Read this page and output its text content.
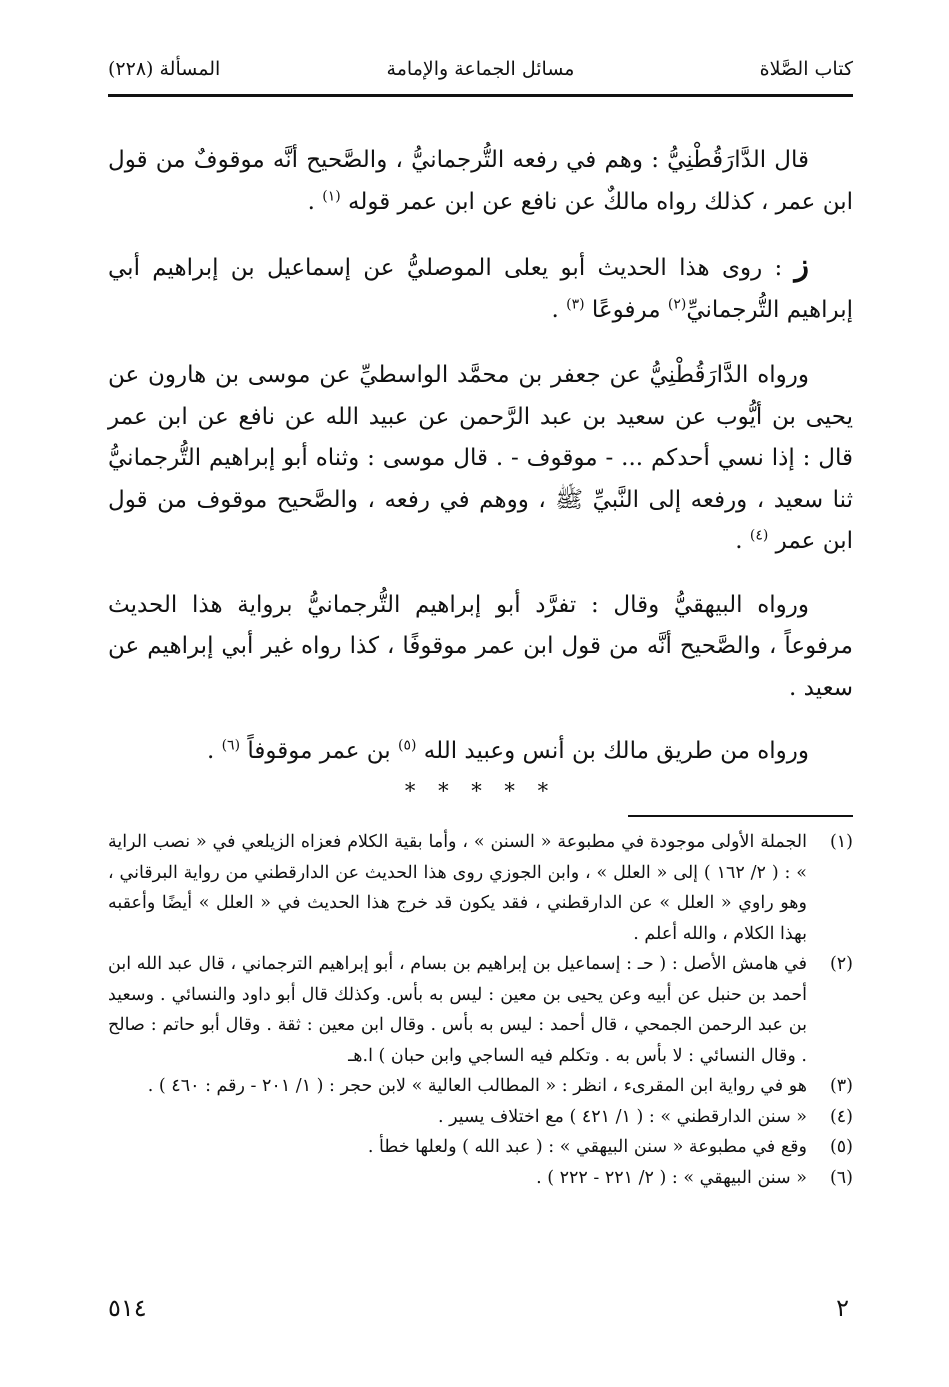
كتاب الصَّلاة
مسائل الجماعة والإمامة
المسألة (٢٢٨)

قال الدَّارَقُطْنِيُّ : وهم في رفعه التُّرجمانيُّ ، والصَّحيح أنَّه موقوفٌ من قول ابن عمر ، كذلك رواه مالكٌ عن نافع عن ابن عمر قوله $^{(١)}$ .

ز : روى هذا الحديث أبو يعلى الموصليُّ عن إسماعيل بن إبراهيم أبي إبراهيم التُّرجمانيِّ$^{(٢)}$ مرفوعًا $^{(٣)}$ .

ورواه الدَّارَقُطْنِيُّ عن جعفر بن محمَّد الواسطيِّ عن موسى بن هارون عن يحيى بن أيُّوب عن سعيد بن عبد الرَّحمن عن عبيد الله عن نافع عن ابن عمر قال : إذا نسي أحدكم ... - موقوف - . قال موسى : وثناه أبو إبراهيم التُّرجمانيُّ ثنا سعيد ، ورفعه إلى النَّبيِّ ﷺ ، ووهم في رفعه ، والصَّحيح موقوف من قول ابن عمر $^{(٤)}$ .

ورواه البيهقيُّ وقال : تفرَّد أبو إبراهيم التُّرجمانيُّ برواية هذا الحديث مرفوعاً ، والصَّحيح أنَّه من قول ابن عمر موقوفًا ، كذا رواه غير أبي إبراهيم عن سعيد .

ورواه من طريق مالك بن أنس وعبيد الله $^{(٥)}$ بن عمر موقوفاً $^{(٦)}$ .

* * * * *
(١)
الجملة الأولى موجودة في مطبوعة « السنن » ، وأما بقية الكلام فعزاه الزيلعي في « نصب الراية » : ( ٢/ ١٦٢ ) إلى « العلل » ، وابن الجوزي روى هذا الحديث عن الدارقطني من رواية البرقاني ، وهو راوي « العلل » عن الدارقطني ، فقد يكون قد خرج هذا الحديث في « العلل » أيضًا وأعقبه بهذا الكلام ، والله أعلم .
(٢)
في هامش الأصل : ( حـ : إسماعيل بن إبراهيم بن بسام ، أبو إبراهيم الترجماني ، قال عبد الله ابن أحمد بن حنبل عن أبيه وعن يحيى بن معين : ليس به بأس. وكذلك قال أبو داود والنسائي . وسعيد بن عبد الرحمن الجمحي ، قال أحمد : ليس به بأس . وقال ابن معين : ثقة . وقال أبو حاتم : صالح . وقال النسائي : لا بأس به . وتكلم فيه الساجي وابن حبان ) ا.هـ
(٣)
هو في رواية ابن المقرىء ، انظر : « المطالب العالية » لابن حجر : ( ١/ ٢٠١ - رقم : ٤٦٠ ) .
(٤)
« سنن الدارقطني » : ( ١/ ٤٢١ ) مع اختلاف يسير .
(٥)
وقع في مطبوعة « سنن البيهقي » : ( عبد الله ) ولعلها خطأ .
(٦)
« سنن البيهقي » : ( ٢/ ٢٢١ - ٢٢٢ ) .
٢
٥١٤
